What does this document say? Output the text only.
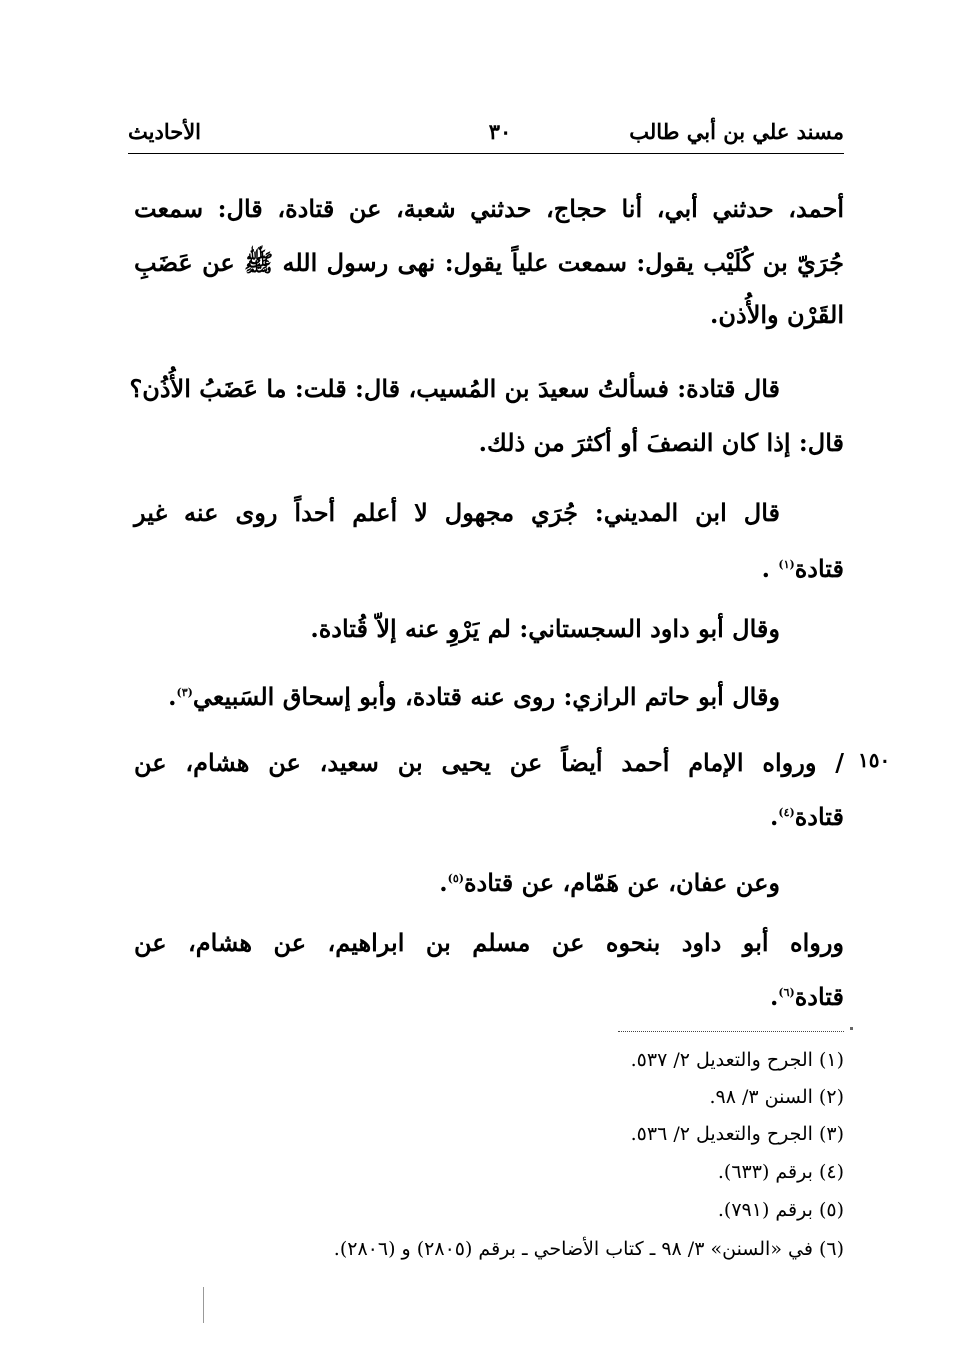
مسند علي بن أبي طالب
٣٠
الأحاديث
أحمد، حدثني أبي، أنا حجاج، حدثني شعبة، عن قتادة، قال: سمعت
جُرَيّ بن كُلَيْب يقول: سمعت علياً يقول: نهى رسول الله ﷺ عن عَضَبِ
القَرْن والأُذن.
قال قتادة: فسألتُ سعيدَ بن المُسيب، قال: قلت: ما عَضَبُ الأُذُن؟
قال: إذا كان النصفَ أو أكثرَ من ذلك.
قال ابن المديني: جُرَي مجهول لا أعلم أحداً روى عنه غير
قتادة$^{(١)}$ .
وقال أبو داود السجستاني: لم يَرْوِ عنه إلاّ قُتادة.
وقال أبو حاتم الرازي: روى عنه قتادة، وأبو إسحاق السَبيعي$^{(٣)}$.
١٥٠
/ ورواه الإمام أحمد أيضاً عن يحيى بن سعيد، عن هشام، عن
قتادة$^{(٤)}$.
وعن عفان، عن هَمّام، عن قتادة$^{(٥)}$.
ورواه أبو داود بنحوه عن مسلم بن ابراهيم، عن هشام، عن
قتادة$^{(٦)}$.
(١) الجرح والتعديل ٢/ ٥٣٧.
(٢) السنن ٣/ ٩٨.
(٣) الجرح والتعديل ٢/ ٥٣٦.
(٤) برقم (٦٣٣).
(٥) برقم (٧٩١).
(٦) في «السنن» ٣/ ٩٨ ـ كتاب الأضاحي ـ برقم (٢٨٠٥) و (٢٨٠٦).
